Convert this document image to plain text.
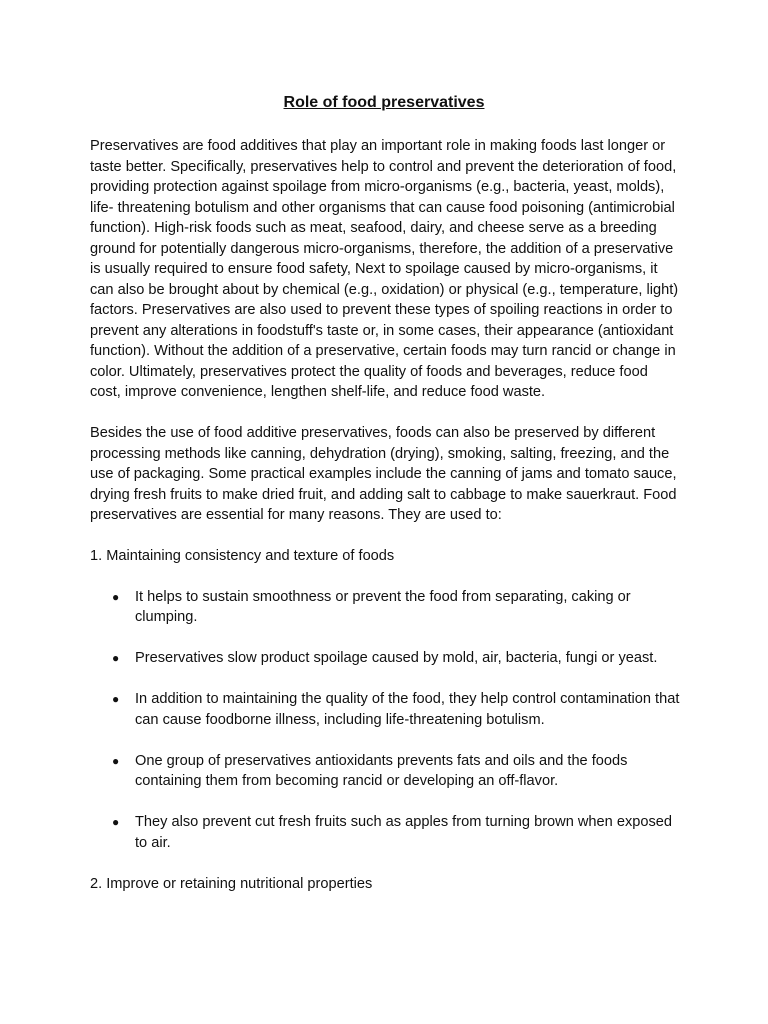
Role of food preservatives

Preservatives are food additives that play an important role in making foods last longer or taste better. Specifically, preservatives help to control and prevent the deterioration of food, providing protection against spoilage from micro-organisms (e.g., bacteria, yeast, molds), life- threatening botulism and other organisms that can cause food poisoning (antimicrobial function). High-risk foods such as meat, seafood, dairy, and cheese serve as a breeding ground for potentially dangerous micro-organisms, therefore, the addition of a preservative is usually required to ensure food safety, Next to spoilage caused by micro-organisms, it can also be brought about by chemical (e.g., oxidation) or physical (e.g., temperature, light) factors. Preservatives are also used to prevent these types of spoiling reactions in order to prevent any alterations in foodstuff's taste or, in some cases, their appearance (antioxidant function). Without the addition of a preservative, certain foods may turn rancid or change in color. Ultimately, preservatives protect the quality of foods and beverages, reduce food cost, improve convenience, lengthen shelf-life, and reduce food waste.

Besides the use of food additive preservatives, foods can also be preserved by different processing methods like canning, dehydration (drying), smoking, salting, freezing, and the use of packaging. Some practical examples include the canning of jams and tomato sauce, drying fresh fruits to make dried fruit, and adding salt to cabbage to make sauerkraut. Food preservatives are essential for many reasons. They are used to:

1. Maintaining consistency and texture of foods

● It helps to sustain smoothness or prevent the food from separating, caking or clumping.
● Preservatives slow product spoilage caused by mold, air, bacteria, fungi or yeast.
● In addition to maintaining the quality of the food, they help control contamination that can cause foodborne illness, including life-threatening botulism.
● One group of preservatives antioxidants prevents fats and oils and the foods containing them from becoming rancid or developing an off-flavor.
● They also prevent cut fresh fruits such as apples from turning brown when exposed to air.

2. Improve or retaining nutritional properties
